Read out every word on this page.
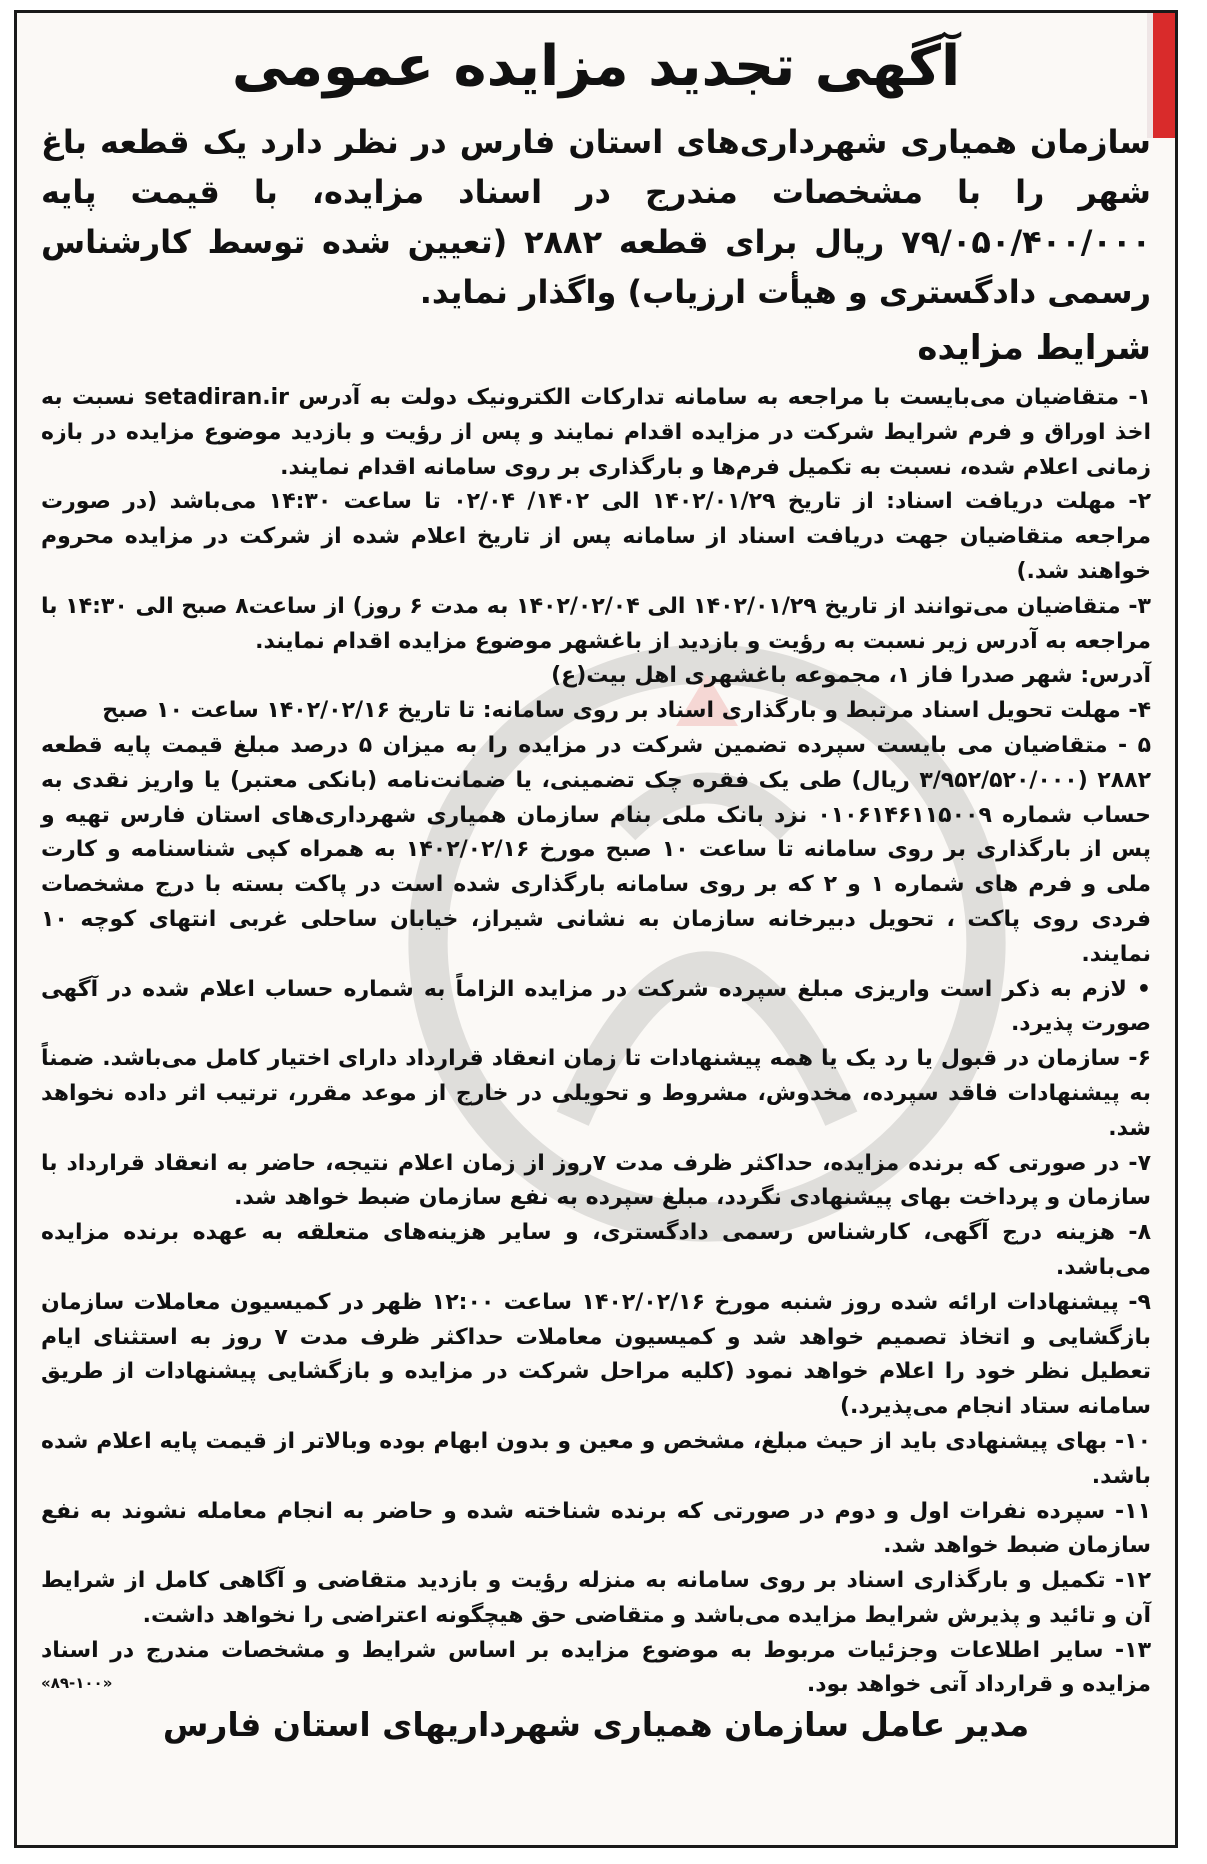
آگهی تجدید مزایده عمومی

سازمان همیاری شهرداری‌های استان فارس در نظر دارد یک قطعه باغ شهر را با مشخصات مندرج در اسناد مزایده، با قیمت پایه ۷۹/۰۵۰/۴۰۰/۰۰۰ ریال برای قطعه ۲۸۸۲ (تعیین شده توسط کارشناس رسمی دادگستری و هیأت ارزیاب) واگذار نماید.

شرایط مزایده

۱- متقاضیان می‌بایست با مراجعه به سامانه تدارکات الکترونیک دولت به آدرس setadiran.ir نسبت به اخذ اوراق و فرم شرایط شرکت در مزایده اقدام نمایند و پس از رؤیت و بازدید موضوع مزایده در بازه زمانی اعلام شده، نسبت به تکمیل فرم‌ها و بارگذاری بر روی سامانه اقدام نمایند.

۲- مهلت دریافت اسناد: از تاریخ ۱۴۰۲/۰۱/۲۹ الی ۱۴۰۲/ ۰۲/۰۴ تا ساعت ۱۴:۳۰ می‌باشد (در صورت مراجعه متقاضیان جهت دریافت اسناد از سامانه پس از تاریخ اعلام شده از شرکت در مزایده محروم خواهند شد.)

۳- متقاضیان می‌توانند از تاریخ ۱۴۰۲/۰۱/۲۹ الی ۱۴۰۲/۰۲/۰۴ به مدت ۶ روز) از ساعت۸ صبح الی ۱۴:۳۰ با مراجعه به آدرس زیر نسبت به رؤیت و بازدید از باغشهر موضوع مزایده اقدام نمایند.

آدرس: شهر صدرا فاز ۱، مجموعه باغشهری اهل بیت(ع)

۴- مهلت تحویل اسناد مرتبط و بارگذاری اسناد بر روی سامانه: تا تاریخ ۱۴۰۲/۰۲/۱۶ ساعت ۱۰ صبح

۵ - متقاضیان می بایست سپرده تضمین شرکت در مزایده را به میزان ۵ درصد مبلغ قیمت پایه قطعه ۲۸۸۲ (۳/۹۵۲/۵۲۰/۰۰۰ ریال) طی یک فقره چک تضمینی، یا ضمانت‌نامه (بانکی معتبر) یا واریز نقدی به حساب شماره ۰۱۰۶۱۴۶۱۱۵۰۰۹ نزد بانک ملی بنام سازمان همیاری شهرداری‌های استان فارس تهیه و پس از بارگذاری بر روی سامانه تا ساعت ۱۰ صبح مورخ ۱۴۰۲/۰۲/۱۶ به همراه کپی شناسنامه و کارت ملی و فرم های شماره ۱ و ۲ که بر روی سامانه بارگذاری شده است در پاکت بسته با درج مشخصات فردی روی پاکت ، تحویل دبیرخانه سازمان به نشانی شیراز، خیابان ساحلی غربی انتهای کوچه ۱۰ نمایند.

• لازم به ذکر است واریزی مبلغ سپرده شرکت در مزایده الزاماً به شماره حساب اعلام شده در آگهی صورت پذیرد.

۶- سازمان در قبول یا رد یک یا همه پیشنهادات تا زمان انعقاد قرارداد دارای اختیار کامل می‌باشد. ضمناً به پیشنهادات فاقد سپرده، مخدوش، مشروط و تحویلی در خارج از موعد مقرر، ترتیب اثر داده نخواهد شد.

۷- در صورتی که برنده مزایده، حداکثر ظرف مدت ۷روز از زمان اعلام نتیجه، حاضر به انعقاد قرارداد با سازمان و پرداخت بهای پیشنهادی نگردد، مبلغ سپرده به نفع سازمان ضبط خواهد شد.

۸- هزینه درج آگهی، کارشناس رسمی دادگستری، و سایر هزینه‌های متعلقه به عهده برنده مزایده می‌باشد.

۹- پیشنهادات ارائه شده روز شنبه مورخ ۱۴۰۲/۰۲/۱۶ ساعت ۱۲:۰۰ ظهر در کمیسیون معاملات سازمان بازگشایی و اتخاذ تصمیم خواهد شد و کمیسیون معاملات حداکثر ظرف مدت ۷ روز به استثنای ایام تعطیل نظر خود را اعلام خواهد نمود (کلیه مراحل شرکت در مزایده و بازگشایی پیشنهادات از طریق سامانه ستاد انجام می‌پذیرد.)

۱۰- بهای پیشنهادی باید از حیث مبلغ، مشخص و معین و بدون ابهام بوده وبالاتر از قیمت پایه اعلام شده باشد.

۱۱- سپرده نفرات اول و دوم در صورتی که برنده شناخته شده و حاضر به انجام معامله نشوند به نفع سازمان ضبط خواهد شد.

۱۲- تکمیل و بارگذاری اسناد بر روی سامانه به منزله رؤیت و بازدید متقاضی و آگاهی کامل از شرایط آن و تائید و پذیرش شرایط مزایده می‌باشد و متقاضی حق هیچگونه اعتراضی را نخواهد داشت.

۱۳- سایر اطلاعات وجزئیات مربوط به موضوع مزایده بر اساس شرایط و مشخصات مندرج در اسناد مزایده و قرارداد آتی خواهد بود.

«۸۹-۱۰۰»
مدیر عامل سازمان همیاری شهرداریهای استان فارس
